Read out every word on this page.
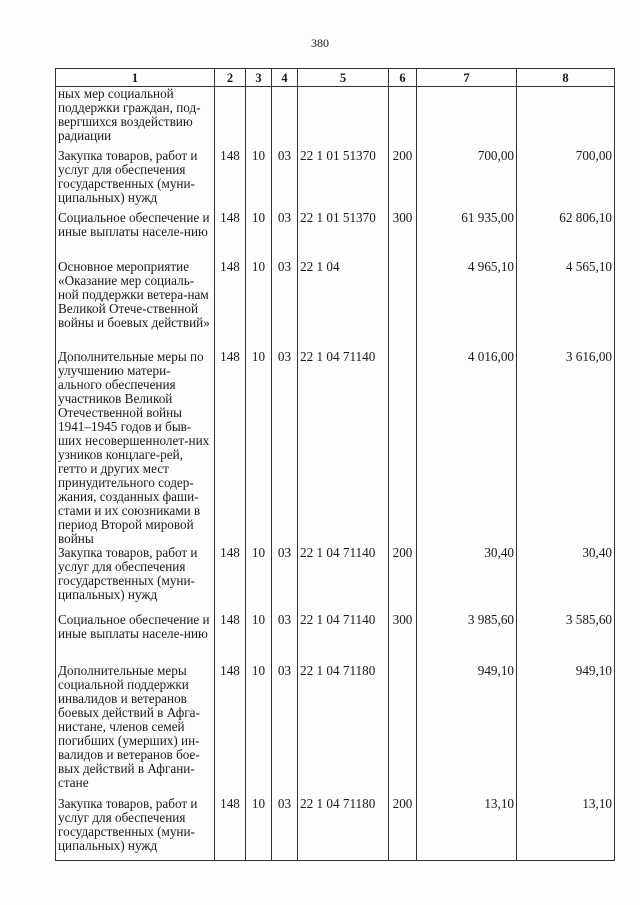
380
1	2	3	4	5	6	7	8
ных мер социальной поддержки граждан, под-вергшихся воздействию радиации							
Закупка товаров, работ и услуг для обеспечения государственных (муни-ципальных) нужд	148	10	03	22 1 01 51370	200	700,00	700,00
Социальное обеспечение и иные выплаты населе-нию	148	10	03	22 1 01 51370	300	61 935,00	62 806,10
Основное мероприятие «Оказание мер социаль-ной поддержки ветера-нам Великой Отече-ственной войны и боевых действий»	148	10	03	22 1 04		4 965,10	4 565,10
Дополнительные меры по улучшению матери-ального обеспечения участников Великой Отечественной войны 1941–1945 годов и быв-ших несовершеннолет-них узников концлаге-рей, гетто и других мест принудительного содер-жания, созданных фаши-стами и их союзниками в период Второй мировой войны	148	10	03	22 1 04 71140		4 016,00	3 616,00
Закупка товаров, работ и услуг для обеспечения государственных (муни-ципальных) нужд	148	10	03	22 1 04 71140	200	30,40	30,40
Социальное обеспечение и иные выплаты населе-нию	148	10	03	22 1 04 71140	300	3 985,60	3 585,60
Дополнительные меры социальной поддержки инвалидов и ветеранов боевых действий в Афга-нистане, членов семей погибших (умерших) ин-валидов и ветеранов бое-вых действий в Афгани-стане	148	10	03	22 1 04 71180		949,10	949,10
Закупка товаров, работ и услуг для обеспечения государственных (муни-ципальных) нужд	148	10	03	22 1 04 71180	200	13,10	13,10
